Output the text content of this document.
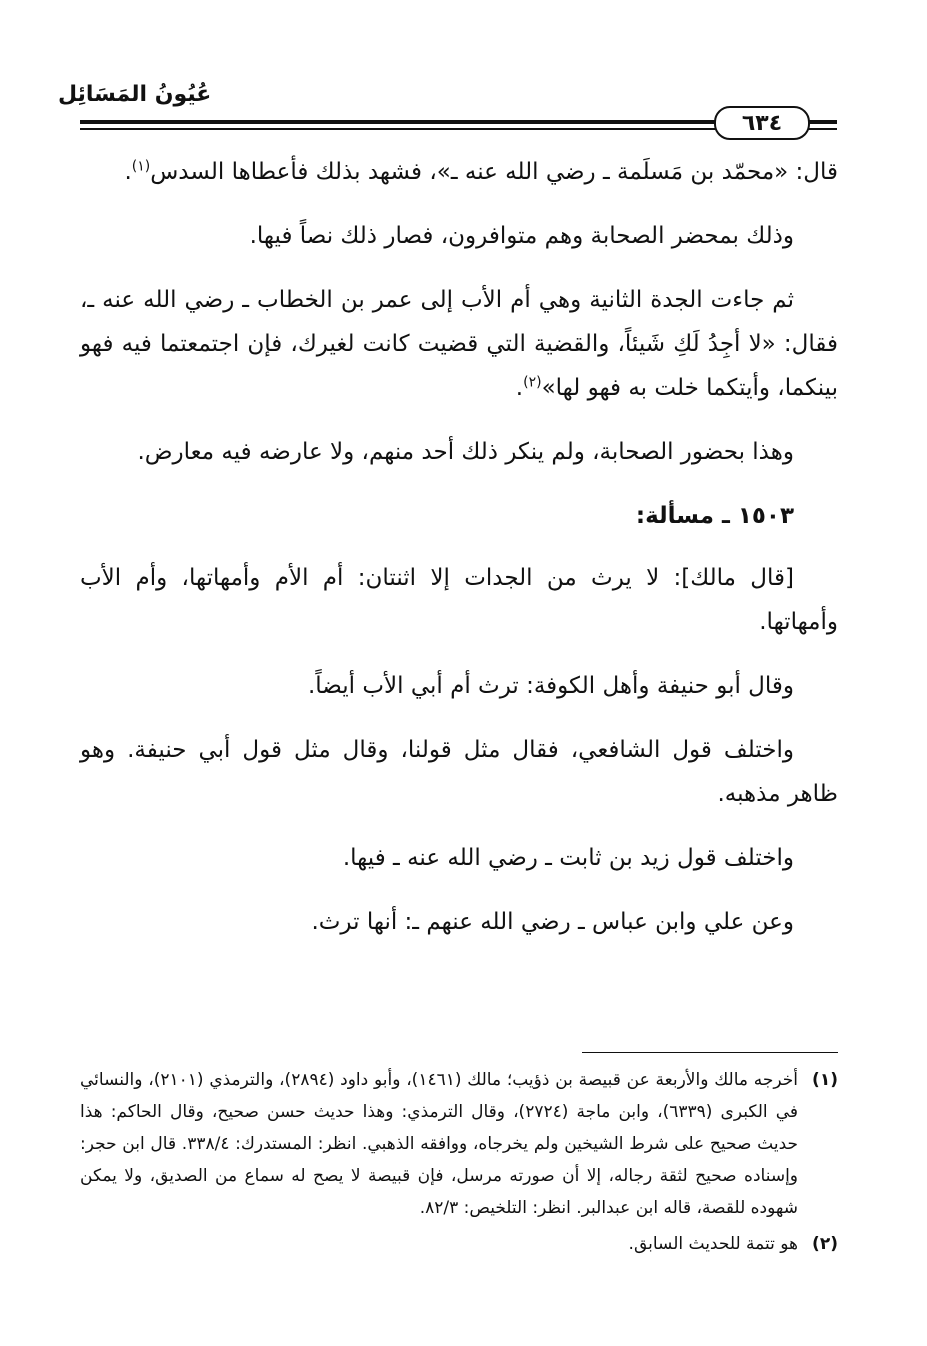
عُيُونُ المَسَائِل
٦٣٤

قال: «محمّد بن مَسلَمة ـ رضي الله عنه ـ»، فشهد بذلك فأعطاها السدس$^{(١)}$.

وذلك بمحضر الصحابة وهم متوافرون، فصار ذلك نصاً فيها.

ثم جاءت الجدة الثانية وهي أم الأب إلى عمر بن الخطاب ـ رضي الله عنه ـ، فقال: «لا أجِدُ لَكِ شَيئاً، والقضية التي قضيت كانت لغيرك، فإن اجتمعتما فيه فهو بينكما، وأيتكما خلت به فهو لها»$^{(٢)}$.

وهذا بحضور الصحابة، ولم ينكر ذلك أحد منهم، ولا عارضه فيه معارض.

١٥٠٣ ـ مسألة:

[قال مالك]: لا يرث من الجدات إلا اثنتان: أم الأم وأمهاتها، وأم الأب وأمهاتها.

وقال أبو حنيفة وأهل الكوفة: ترث أم أبي الأب أيضاً.

واختلف قول الشافعي، فقال مثل قولنا، وقال مثل قول أبي حنيفة. وهو ظاهر مذهبه.

واختلف قول زيد بن ثابت ـ رضي الله عنه ـ فيها.

وعن علي وابن عباس ـ رضي الله عنهم ـ: أنها ترث.

(١)
أخرجه مالك والأربعة عن قبيصة بن ذؤيب؛ مالك (١٤٦١)، وأبو داود (٢٨٩٤)، والترمذي (٢١٠١)، والنسائي في الكبرى (٦٣٣٩)، وابن ماجة (٢٧٢٤)، وقال الترمذي: وهذا حديث حسن صحيح، وقال الحاكم: هذا حديث صحيح على شرط الشيخين ولم يخرجاه، ووافقه الذهبي. انظر: المستدرك: ٣٣٨/٤. قال ابن حجر: وإسناده صحيح لثقة رجاله، إلا أن صورته مرسل، فإن قبيصة لا يصح له سماع من الصديق، ولا يمكن شهوده للقصة، قاله ابن عبدالبر. انظر: التلخيص: ٨٢/٣.
(٢)
هو تتمة للحديث السابق.
